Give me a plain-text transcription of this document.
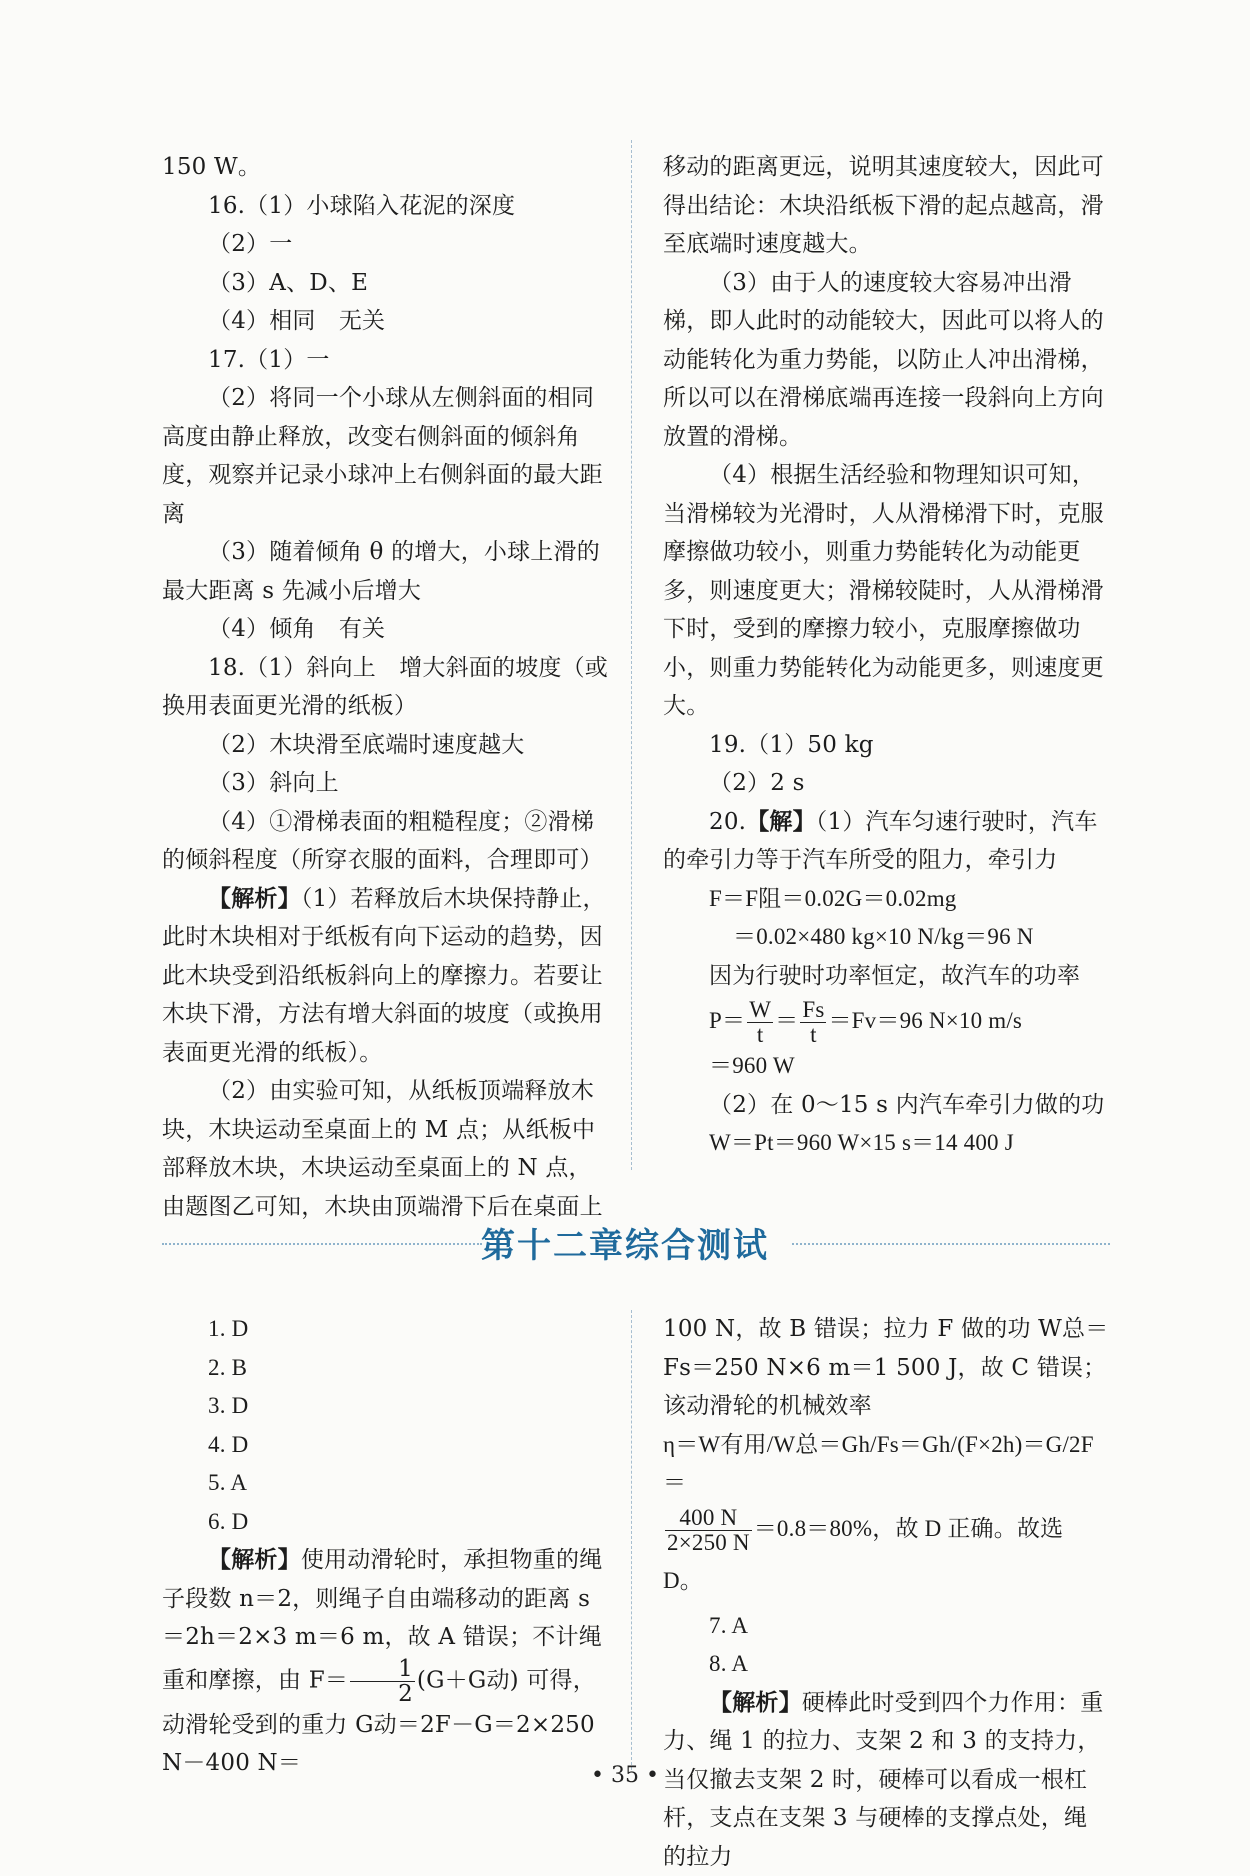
150 W。

16.（1）小球陷入花泥的深度

（2）一

（3）A、D、E

（4）相同　无关

17.（1）一

（2）将同一个小球从左侧斜面的相同高度由静止释放，改变右侧斜面的倾斜角度，观察并记录小球冲上右侧斜面的最大距离

（3）随着倾角 θ 的增大，小球上滑的最大距离 s 先减小后增大

（4）倾角　有关

18.（1）斜向上　增大斜面的坡度（或换用表面更光滑的纸板）

（2）木块滑至底端时速度越大

（3）斜向上

（4）①滑梯表面的粗糙程度；②滑梯的倾斜程度（所穿衣服的面料，合理即可）

【解析】（1）若释放后木块保持静止，此时木块相对于纸板有向下运动的趋势，因此木块受到沿纸板斜向上的摩擦力。若要让木块下滑，方法有增大斜面的坡度（或换用表面更光滑的纸板）。

（2）由实验可知，从纸板顶端释放木块，木块运动至桌面上的 M 点；从纸板中部释放木块，木块运动至桌面上的 N 点，由题图乙可知，木块由顶端滑下后在桌面上

移动的距离更远，说明其速度较大，因此可得出结论：木块沿纸板下滑的起点越高，滑至底端时速度越大。

（3）由于人的速度较大容易冲出滑梯，即人此时的动能较大，因此可以将人的动能转化为重力势能，以防止人冲出滑梯，所以可以在滑梯底端再连接一段斜向上方向放置的滑梯。

（4）根据生活经验和物理知识可知，当滑梯较为光滑时，人从滑梯滑下时，克服摩擦做功较小，则重力势能转化为动能更多，则速度更大；滑梯较陡时，人从滑梯滑下时，受到的摩擦力较小，克服摩擦做功小，则重力势能转化为动能更多，则速度更大。

19.（1）50 kg

（2）2 s

20.【解】（1）汽车匀速行驶时，汽车的牵引力等于汽车所受的阻力，牵引力

F＝F阻＝0.02G＝0.02mg

＝0.02×480 kg×10 N/kg＝96 N

因为行驶时功率恒定，故汽车的功率

$P= \frac{W}{t} = \frac{Fs}{t} =Fv=96$ N×10 m/s

＝960 W

（2）在 0～15 s 内汽车牵引力做的功

W＝Pt＝960 W×15 s＝14 400 J

第十二章综合测试

1. D

2. B

3. D

4. D

5. A

6. D

【解析】使用动滑轮时，承担物重的绳子段数 n＝2，则绳子自由端移动的距离 s＝2h＝2×3 m＝6 m，故 A 错误；不计绳重和摩擦，由 $F= \frac{1}{2} (G+G$动) 可得，动滑轮受到的重力 G动＝2F－G＝2×250 N－400 N＝

100 N，故 B 错误；拉力 F 做的功 W总＝Fs＝250 N×6 m＝1 500 J，故 C 错误；该动滑轮的机械效率

η＝W有用/W总＝Gh/Fs＝Gh/(F×2h)＝G/2F＝

$\frac{400 N}{2\times 250 N} =0.8=80\%$，故 D 正确。故选 D。

7. A

8. A

【解析】硬棒此时受到四个力作用：重力、绳 1 的拉力、支架 2 和 3 的支持力，当仅撤去支架 2 时，硬棒可以看成一根杠杆，支点在支架 3 与硬棒的支撑点处，绳的拉力

• 35 •
